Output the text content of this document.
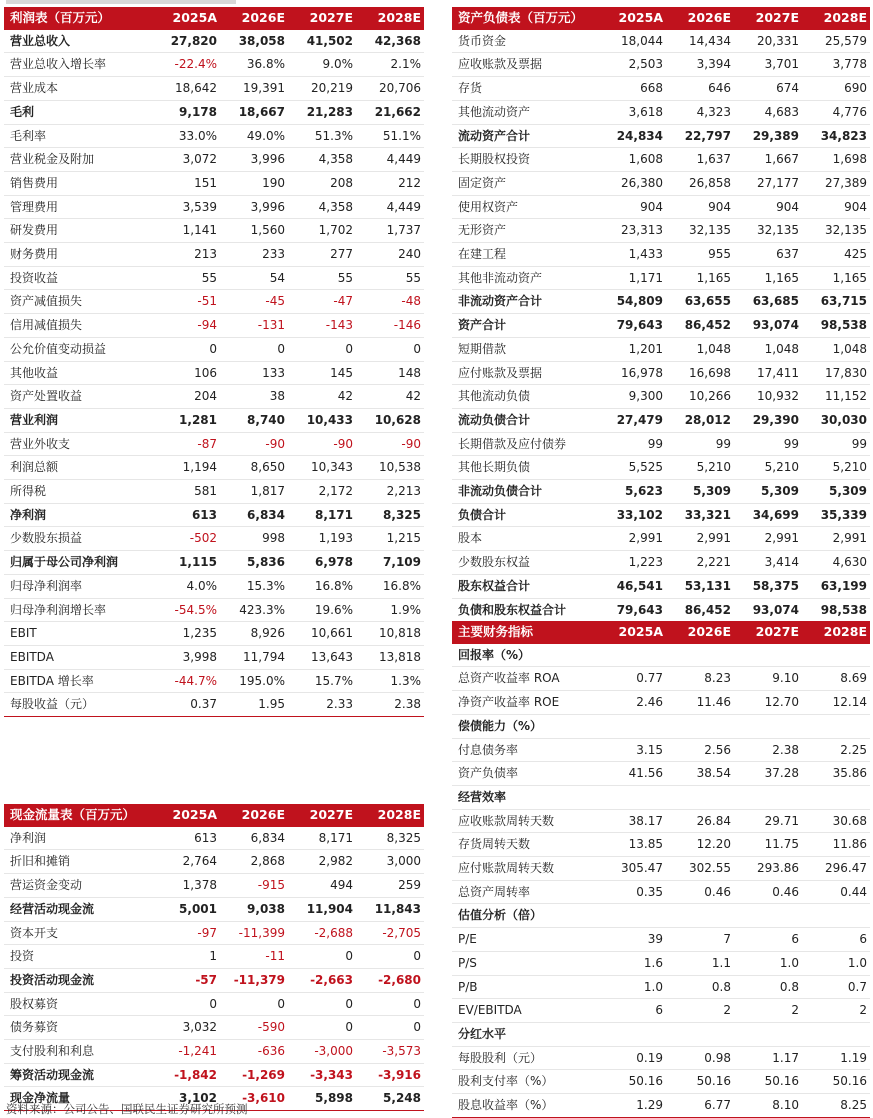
利润表（百万元）	2025A	2026E	2027E	2028E
营业总收入	27,820	38,058	41,502	42,368
营业总收入增长率	-22.4%	36.8%	9.0%	2.1%
营业成本	18,642	19,391	20,219	20,706
毛利	9,178	18,667	21,283	21,662
毛利率	33.0%	49.0%	51.3%	51.1%
营业税金及附加	3,072	3,996	4,358	4,449
销售费用	151	190	208	212
管理费用	3,539	3,996	4,358	4,449
研发费用	1,141	1,560	1,702	1,737
财务费用	213	233	277	240
投资收益	55	54	55	55
资产减值损失	-51	-45	-47	-48
信用减值损失	-94	-131	-143	-146
公允价值变动损益	0	0	0	0
其他收益	106	133	145	148
资产处置收益	204	38	42	42
营业利润	1,281	8,740	10,433	10,628
营业外收支	-87	-90	-90	-90
利润总额	1,194	8,650	10,343	10,538
所得税	581	1,817	2,172	2,213
净利润	613	6,834	8,171	8,325
少数股东损益	-502	998	1,193	1,215
归属于母公司净利润	1,115	5,836	6,978	7,109
归母净利润率	4.0%	15.3%	16.8%	16.8%
归母净利润增长率	-54.5%	423.3%	19.6%	1.9%
EBIT	1,235	8,926	10,661	10,818
EBITDA	3,998	11,794	13,643	13,818
EBITDA 增长率	-44.7%	195.0%	15.7%	1.3%
每股收益（元）	0.37	1.95	2.33	2.38
资产负债表（百万元）	2025A	2026E	2027E	2028E
货币资金	18,044	14,434	20,331	25,579
应收账款及票据	2,503	3,394	3,701	3,778
存货	668	646	674	690
其他流动资产	3,618	4,323	4,683	4,776
流动资产合计	24,834	22,797	29,389	34,823
长期股权投资	1,608	1,637	1,667	1,698
固定资产	26,380	26,858	27,177	27,389
使用权资产	904	904	904	904
无形资产	23,313	32,135	32,135	32,135
在建工程	1,433	955	637	425
其他非流动资产	1,171	1,165	1,165	1,165
非流动资产合计	54,809	63,655	63,685	63,715
资产合计	79,643	86,452	93,074	98,538
短期借款	1,201	1,048	1,048	1,048
应付账款及票据	16,978	16,698	17,411	17,830
其他流动负债	9,300	10,266	10,932	11,152
流动负债合计	27,479	28,012	29,390	30,030
长期借款及应付债券	99	99	99	99
其他长期负债	5,525	5,210	5,210	5,210
非流动负债合计	5,623	5,309	5,309	5,309
负债合计	33,102	33,321	34,699	35,339
股本	2,991	2,991	2,991	2,991
少数股东权益	1,223	2,221	3,414	4,630
股东权益合计	46,541	53,131	58,375	63,199
负债和股东权益合计	79,643	86,452	93,074	98,538
主要财务指标	2025A	2026E	2027E	2028E
回报率（%）				
总资产收益率 ROA	0.77	8.23	9.10	8.69
净资产收益率 ROE	2.46	11.46	12.70	12.14
偿债能力（%）				
付息债务率	3.15	2.56	2.38	2.25
资产负债率	41.56	38.54	37.28	35.86
经营效率				
应收账款周转天数	38.17	26.84	29.71	30.68
存货周转天数	13.85	12.20	11.75	11.86
应付账款周转天数	305.47	302.55	293.86	296.47
总资产周转率	0.35	0.46	0.46	0.44
估值分析（倍）				
P/E	39	7	6	6
P/S	1.6	1.1	1.0	1.0
P/B	1.0	0.8	0.8	0.7
EV/EBITDA	6	2	2	2
分红水平				
每股股利（元）	0.19	0.98	1.17	1.19
股利支付率（%）	50.16	50.16	50.16	50.16
股息收益率（%）	1.29	6.77	8.10	8.25
现金流量表（百万元）	2025A	2026E	2027E	2028E
净利润	613	6,834	8,171	8,325
折旧和摊销	2,764	2,868	2,982	3,000
营运资金变动	1,378	-915	494	259
经营活动现金流	5,001	9,038	11,904	11,843
资本开支	-97	-11,399	-2,688	-2,705
投资	1	-11	0	0
投资活动现金流	-57	-11,379	-2,663	-2,680
股权募资	0	0	0	0
债务募资	3,032	-590	0	0
支付股利和利息	-1,241	-636	-3,000	-3,573
筹资活动现金流	-1,842	-1,269	-3,343	-3,916
现金净流量	3,102	-3,610	5,898	5,248
资料来源：公司公告、国联民生证券研究所预测
